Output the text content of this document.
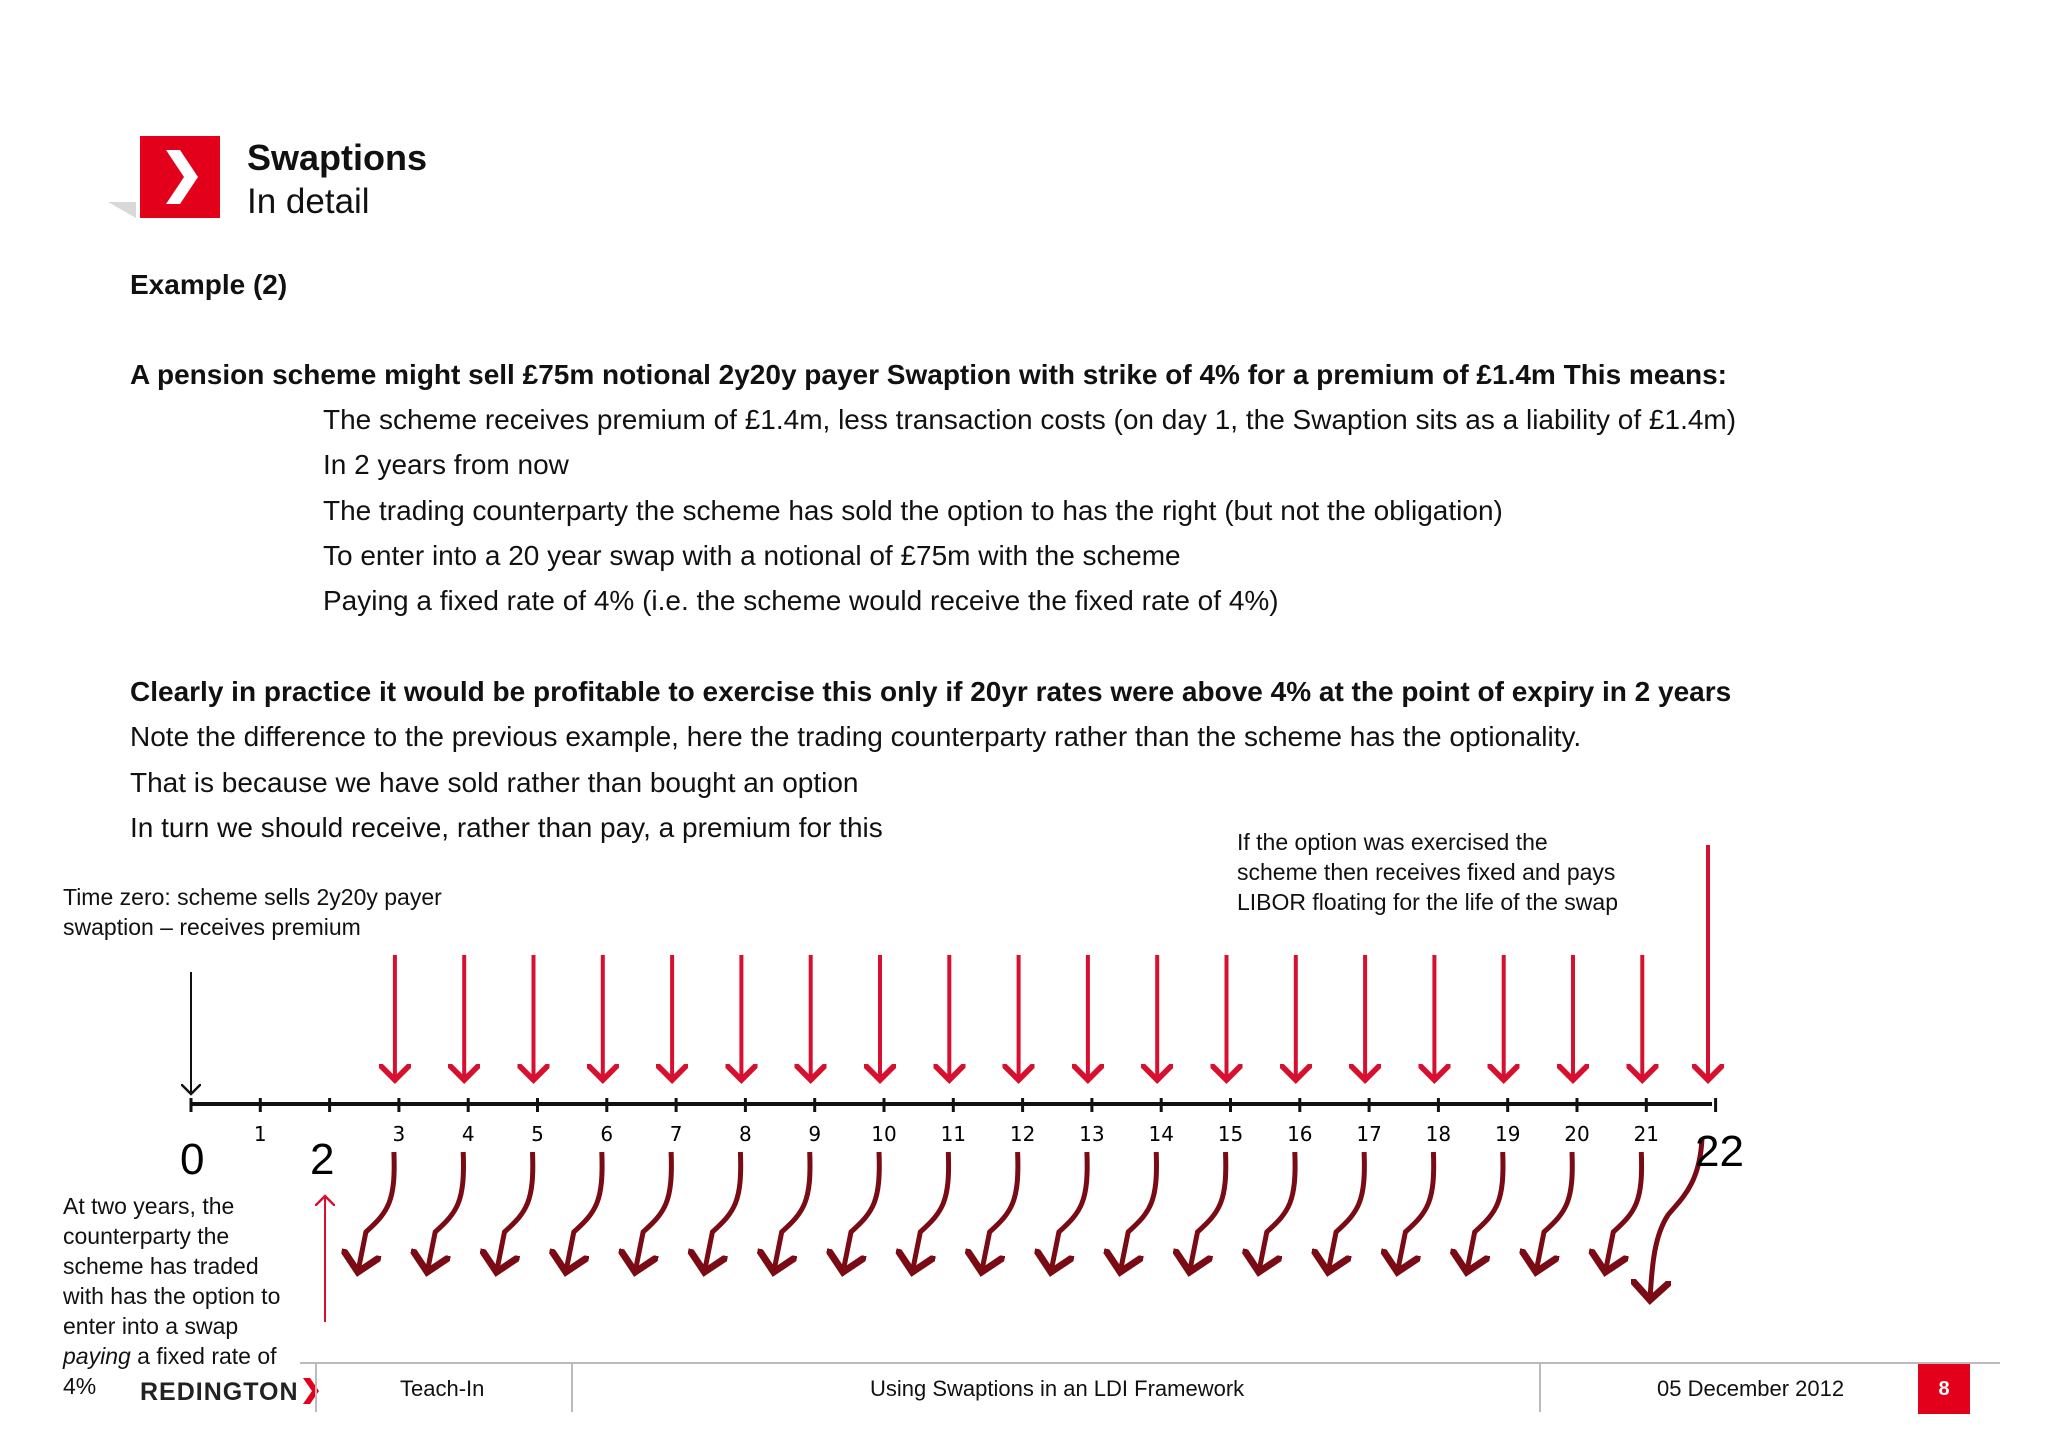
Swaptions
In detail
Example (2)
A pension scheme might sell £75m notional 2y20y payer Swaption with strike of 4% for a premium of £1.4m This means:
The scheme receives premium of £1.4m, less transaction costs (on day 1, the Swaption sits as a liability of £1.4m)
In 2 years from now
The trading counterparty the scheme has sold the option to has the right (but not the obligation)
To enter into a 20 year swap with a notional of £75m with the scheme
Paying a fixed rate of 4% (i.e. the scheme would receive the fixed rate of 4%)
Clearly in practice it would be profitable to exercise this only if 20yr rates were above 4% at the point of expiry in 2 years
Note the difference to the previous example, here the trading counterparty rather than the scheme has the optionality.
That is because we have sold rather than bought an option
In turn we should receive, rather than pay, a premium for this
Time zero: scheme sells 2y20y payer
swaption – receives premium
If the option was exercised the
scheme then receives fixed and pays
LIBOR floating for the life of the swap
At two years, the
counterparty the
scheme has traded
with has the option to
enter into a swap
paying a fixed rate of
4%
1	3	4	5	6	7	8	9	10 11 12 13 14 15 16 17 18 19 20 21
0 2	22
REDINGTON	Teach-In	Using Swaptions in an LDI Framework	05 December 2012	8
